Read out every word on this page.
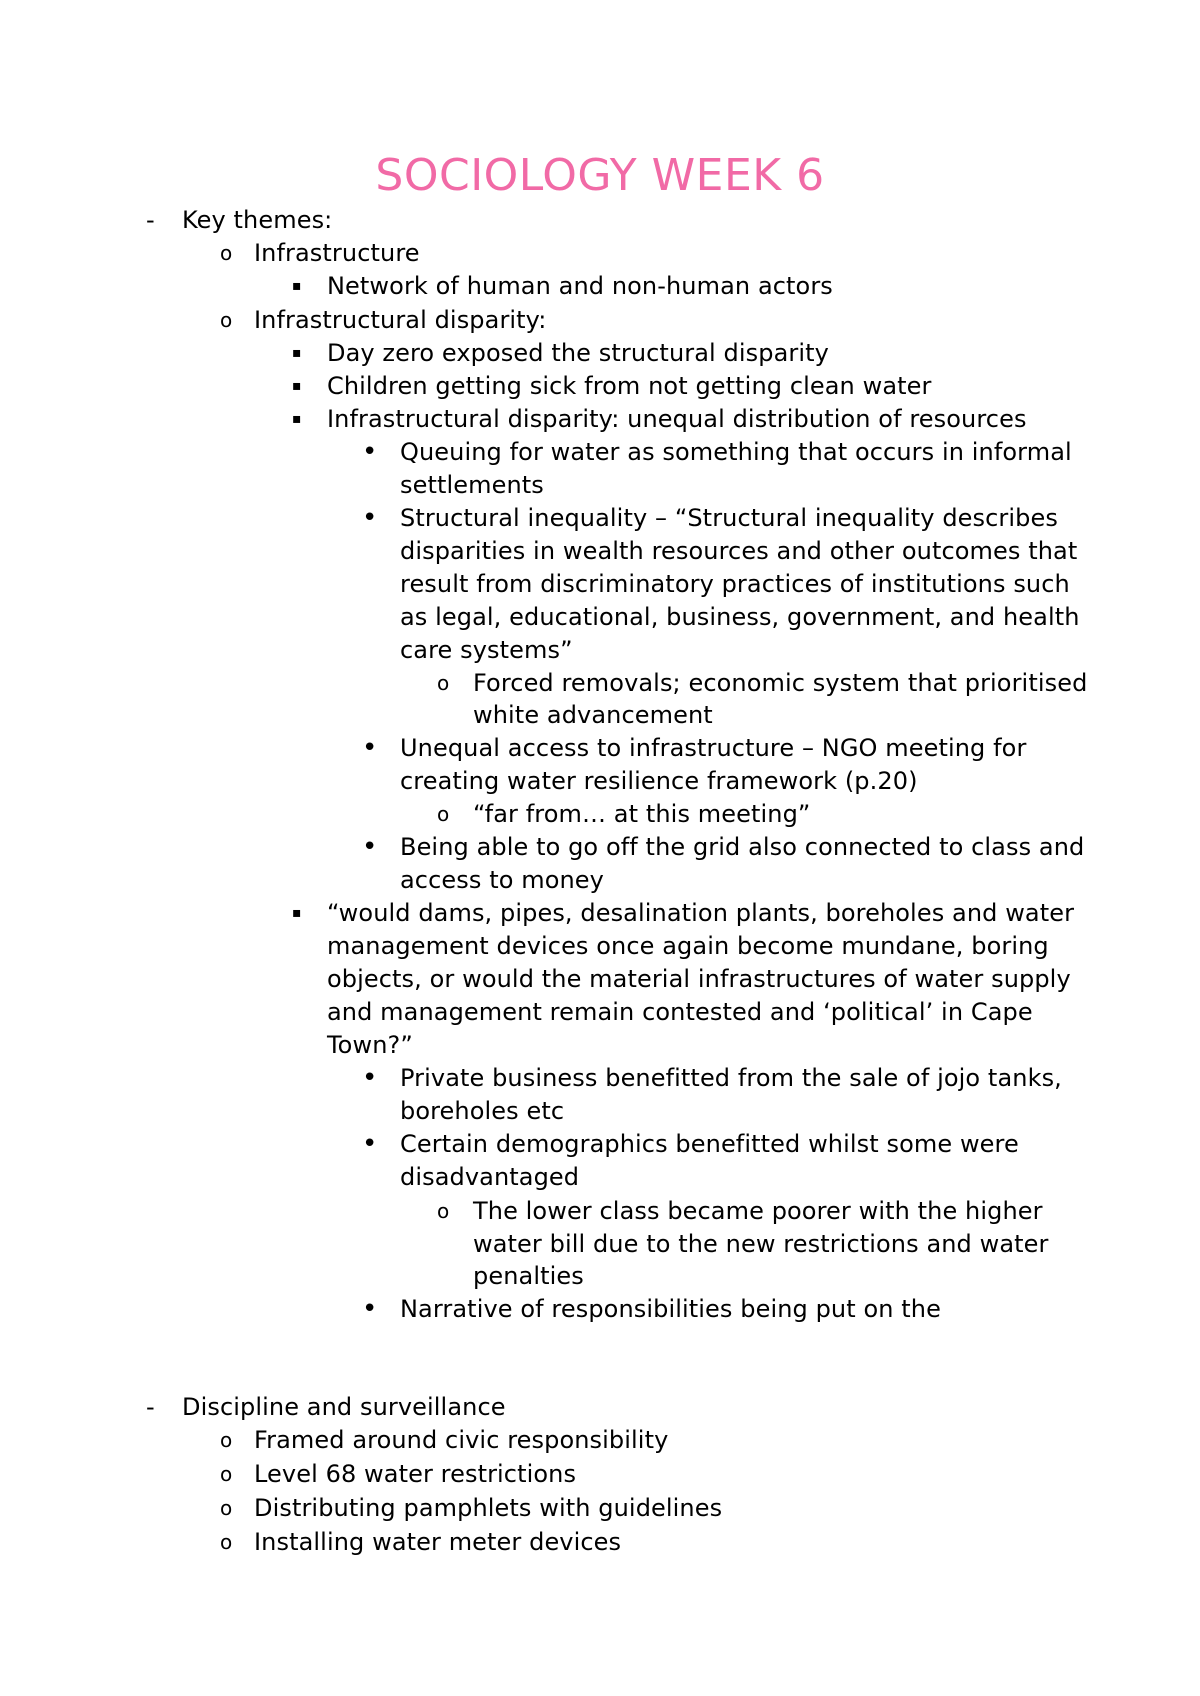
SOCIOLOGY WEEK 6
-
o
▪
o
▪
▪
▪
•
•
o
•
o
•
▪
•
•
o
•
-
o
o
o
o
Key themes:
Infrastructure
Network of human and non-human actors
Infrastructural disparity:
Day zero exposed the structural disparity
Children getting sick from not getting clean water
Infrastructural disparity: unequal distribution of resources
Queuing for water as something that occurs in informal
settlements
Structural inequality – “Structural inequality describes
disparities in wealth resources and other outcomes that
result from discriminatory practices of institutions such
as legal, educational, business, government, and health
care systems”
Forced removals; economic system that prioritised
white advancement
Unequal access to infrastructure – NGO meeting for
creating water resilience framework (p.20)
“far from… at this meeting”
Being able to go off the grid also connected to class and
access to money
“would dams, pipes, desalination plants, boreholes and water
management devices once again become mundane, boring
objects, or would the material infrastructures of water supply
and management remain contested and ‘political’ in Cape
Town?”
Private business benefitted from the sale of jojo tanks,
boreholes etc
Certain demographics benefitted whilst some were
disadvantaged
The lower class became poorer with the higher
water bill due to the new restrictions and water
penalties
Narrative of responsibilities being put on the
Discipline and surveillance
Framed around civic responsibility
Level 68 water restrictions
Distributing pamphlets with guidelines
Installing water meter devices
